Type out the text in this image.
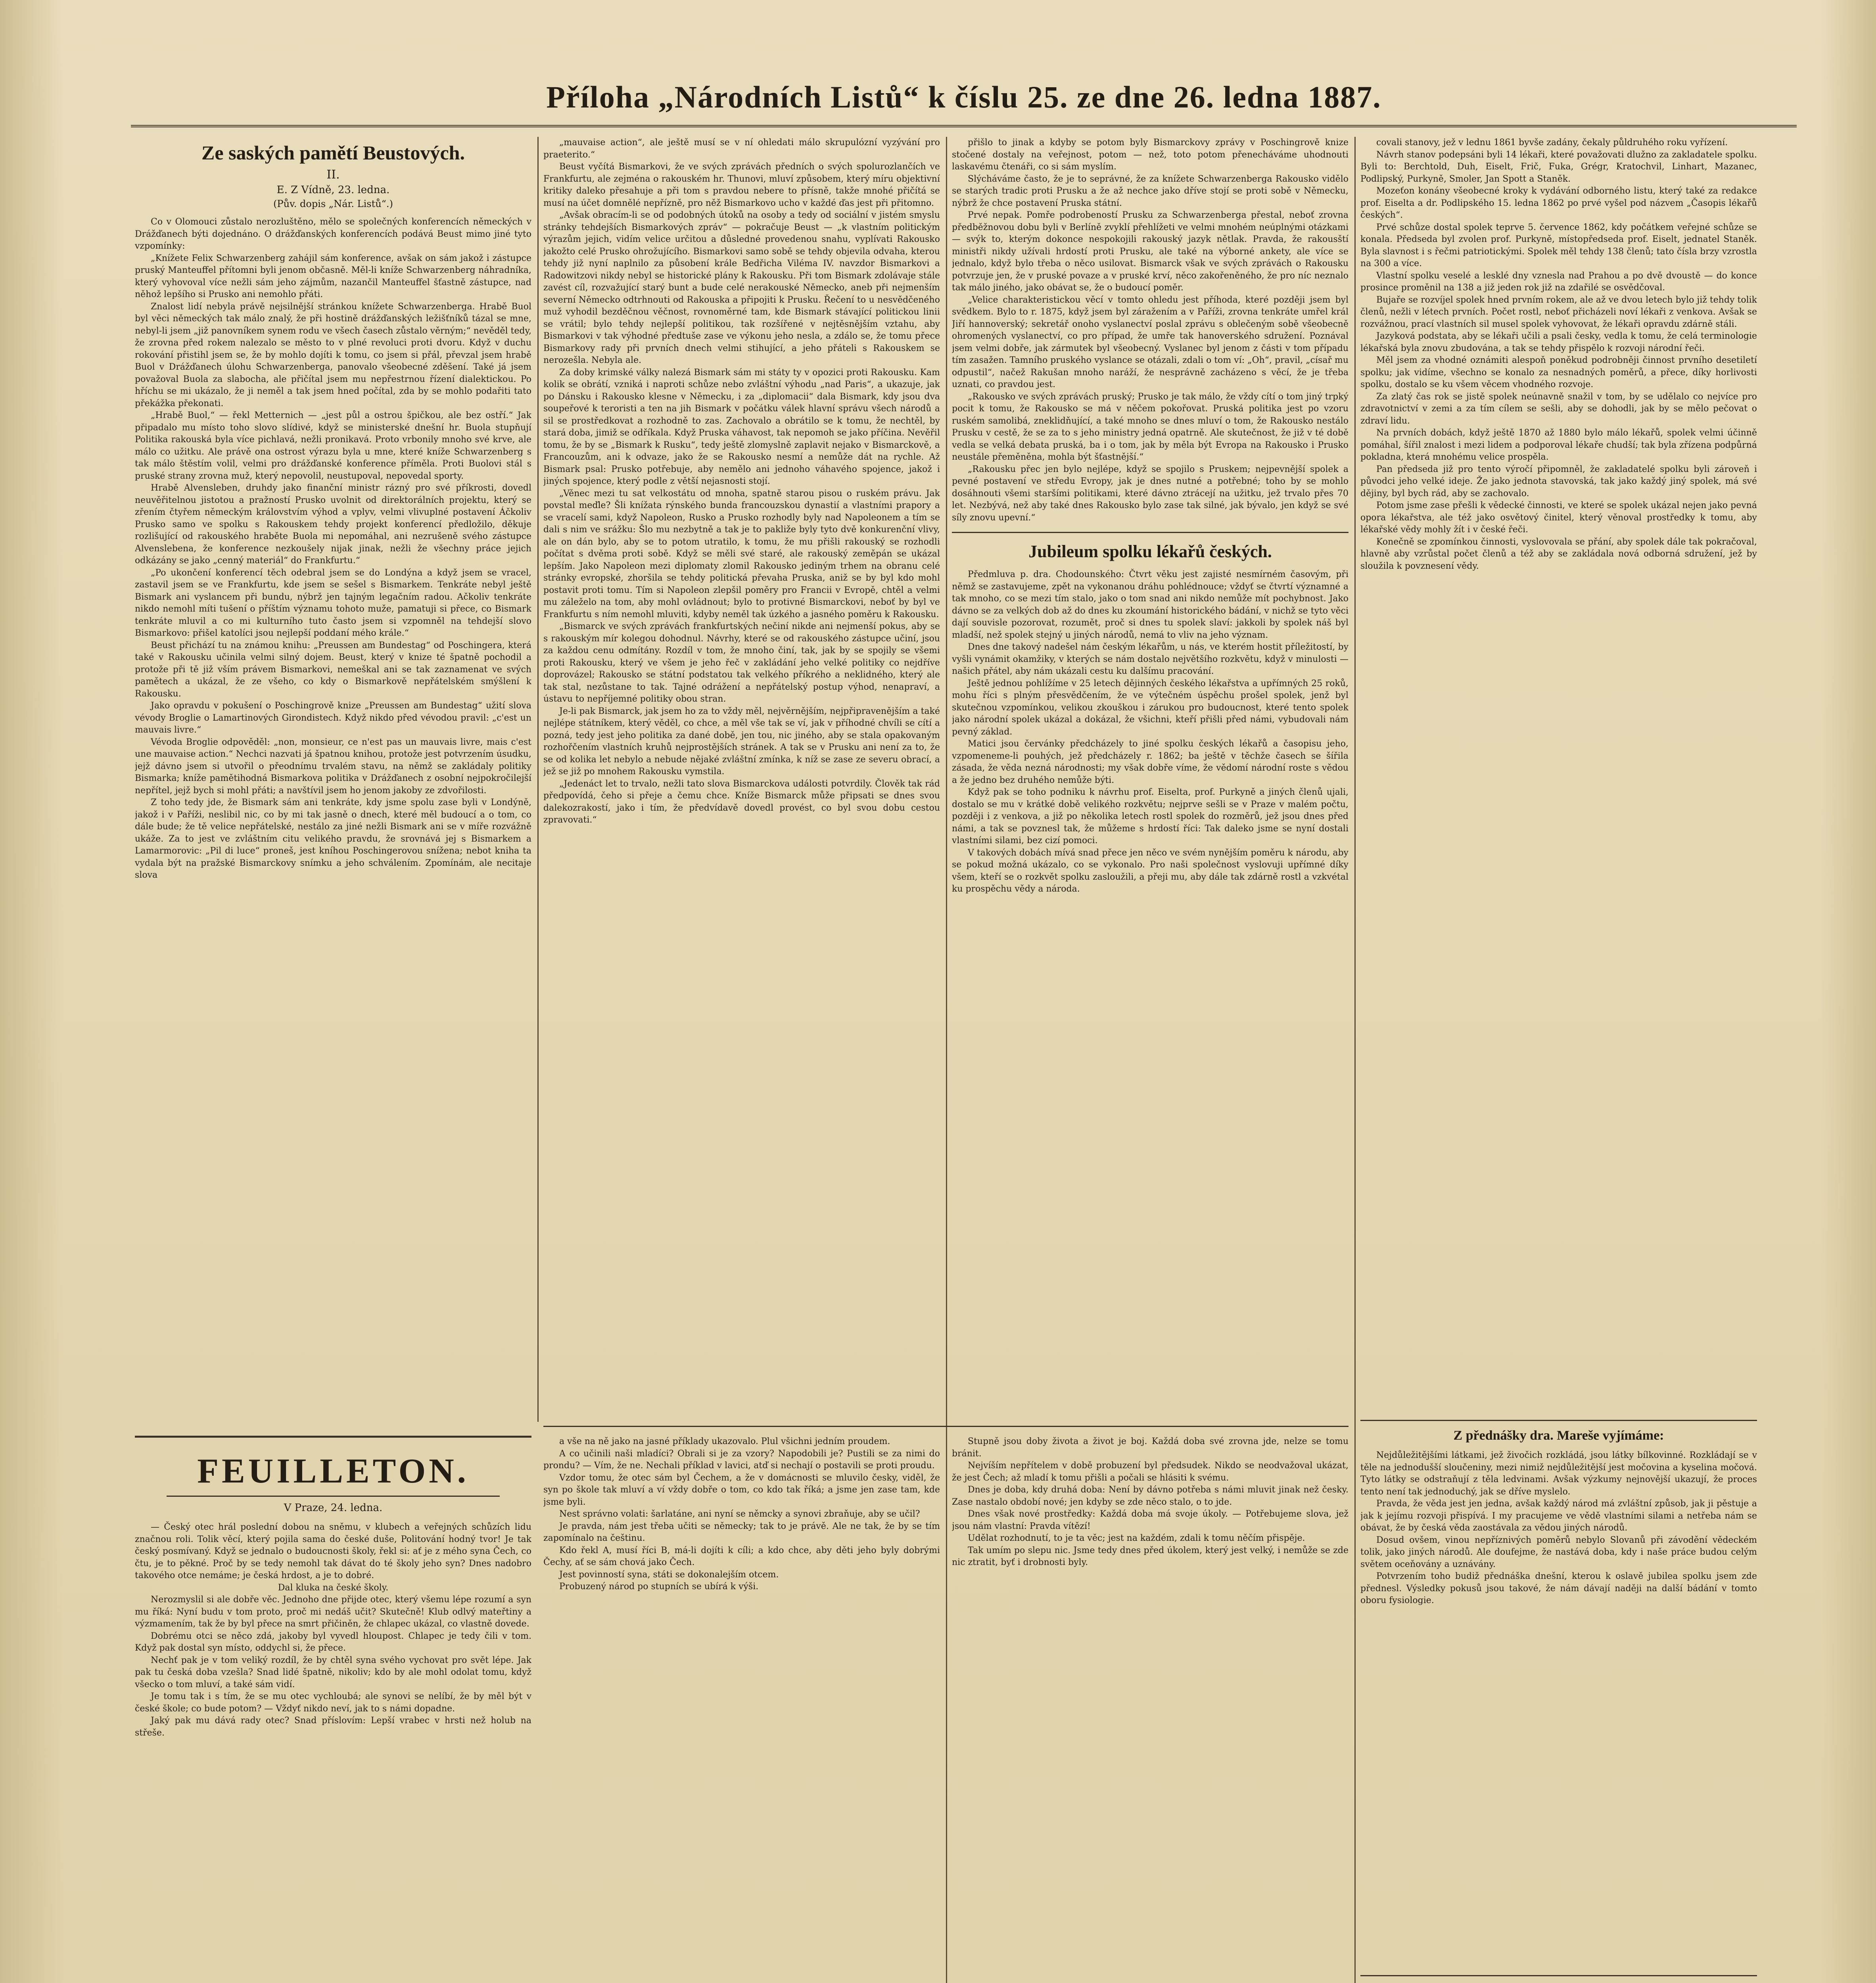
Příloha „Národních Listů“ k číslu 25. ze dne 26. ledna 1887.
Ze saských pamětí Beustových.

II.

E. Z Vídně, 23. ledna.

(Pův. dopis „Nár. Listů“.)

Co v Olomouci zůstalo nerozluštěno, mělo se společných konferencích německých v Drážďanech býti dojednáno. O drážďanských konferencích podává Beust mimo jiné tyto vzpomínky:

„Knížete Felix Schwarzenberg zahájil sám konference, avšak on sám jakož i zástupce pruský Manteuffel přítomni byli jenom občasně. Měl-li kníže Schwarzenberg náhradníka, který vyhovoval více nežli sám jeho zájmům, nazančil Manteuffel šťastně zástupce, nad něhož lepšího si Prusko ani nemohlo přáti.

Znalost lidí nebyla právě nejsilnější stránkou knížete Schwarzenberga. Hrabě Buol byl věci německých tak málo znalý, že při hostině drážďanských ležišťníků tázal se mne, nebyl-li jsem „již panovníkem synem rodu ve všech časech zůstalo věrným;“ nevěděl tedy, že zrovna před rokem nalezalo se město to v plné revoluci proti dvoru. Když v duchu rokování přistihl jsem se, že by mohlo dojíti k tomu, co jsem si přál, převzal jsem hrabě Buol v Drážďanech úlohu Schwarzenberga, panovalo všeobecné zděšení. Také já jsem považoval Buola za slabocha, ale přičítal jsem mu nepřestrnou řízení dialektickou. Po hříchu se mi ukázalo, že ji neměl a tak jsem hned počítal, zda by se mohlo podařiti tato překážka překonati.

„Hrabě Buol,“ — řekl Metternich — „jest půl a ostrou špičkou, ale bez ostří.“ Jak připadalo mu místo toho slovo slídivé, když se ministerské dnešní hr. Buola stupňují Politika rakouská byla více pichlavá, nežli pronikavá. Proto vrbonily mnoho své krve, ale málo co užitku. Ale právě ona ostrost výrazu byla u mne, které kníže Schwarzenberg s tak málo štěstím volil, velmi pro drážďanské konference příměla. Proti Buolovi stál s pruské strany zrovna muž, který nepovolil, neustupoval, nepovedal sporty.

Hrabě Alvensleben, druhdy jako finanční ministr rázný pro své příkrosti, dovedl neuvěřitelnou jistotou a pražností Prusko uvolnit od direktorálních projektu, který se zřením čtyřem německým královstvím výhod a vplyv, velmi vlivuplné postavení Áčkoliv Prusko samo ve spolku s Rakouskem tehdy projekt konferencí předložilo, děkuje rozlišující od rakouského hraběte Buola mi nepomáhal, ani nezrušeně svého zástupce Alvenslebena, že konference nezkoušely nijak jinak, nežli že všechny práce jejich odkázány se jako „cenný materiál“ do Frankfurtu.“

„Po ukončení konferencí těch odebral jsem se do Londýna a když jsem se vracel, zastavil jsem se ve Frankfurtu, kde jsem se sešel s Bismarkem. Tenkráte nebyl ještě Bismark ani vyslancem při bundu, nýbrž jen tajným legačním radou. Ačkoliv tenkráte nikdo nemohl míti tušení o příštím významu tohoto muže, pamatuji si přece, co Bismark tenkráte mluvil a co mi kulturního tuto často jsem si vzpomněl na tehdejší slovo Bismarkovo: přišel katolíci jsou nejlepší poddaní mého krále.“

Beust přichází tu na známou knihu: „Preussen am Bundestag“ od Poschingera, která také v Rakousku učinila velmi silný dojem. Beust, který v knize té špatně pochodil a protože při tě již vším právem Bismarkovi, nemeškal ani se tak zaznamenat ve svých pamětech a ukázal, že ze všeho, co kdy o Bismarkově nepřátelském smýšlení k Rakousku.

Jako opravdu v pokušení o Poschingrově knize „Preussen am Bundestag“ užití slova vévody Broglie o Lamartinových Girondistech. Když nikdo před vévodou pravil: „c'est un mauvais livre.“

Vévoda Broglie odpověděl: „non, monsieur, ce n'est pas un mauvais livre, mais c'est une mauvaise action.“ Nechci nazvati já špatnou knihou, protože jest potvrzením úsudku, jejž dávno jsem si utvořil o přeodnímu trvalém stavu, na němž se zakládaly politiky Bismarka; kníže pamětihodná Bismarkova politika v Drážďanech z osobní nejpokročilejší nepřítel, jejž bych si mohl přáti; a navštívil jsem ho jenom jakoby ze zdvořilosti.

Z toho tedy jde, že Bismark sám ani tenkráte, kdy jsme spolu zase byli v Londýně, jakož i v Paříži, neslibil nic, co by mi tak jasně o dnech, které měl budoucí a o tom, co dále bude; že tě velice nepřátelské, nestálo za jiné nežli Bismark ani se v míře rozvážně ukáže. Za to jest ve zvláštním citu velikého pravdu, že srovnává jej s Bismarkem a Lamarmorovic: „Pil di luce“ proneš, jest kníhou Poschingerovou snížena; nebot kniha ta vydala být na pražské Bismarckovy snímku a jeho schválením. Zpomínám, ale necitaje slova

„mauvaise action“, ale ještě musí se v ní ohledati málo skrupulózní vyzývání pro praeterito.“

Beust vyčítá Bismarkovi, že ve svých zprávách předních o svých spolurozlančích ve Frankfurtu, ale zejména o rakouském hr. Thunovi, mluví způsobem, který míru objektivní kritiky daleko přesahuje a při tom s pravdou nebere to přísně, takže mnohé přičítá se musí na účet domnělé nepřízně, pro něž Bismarkovo ucho v každé ďas jest při přitomno.

„Avšak obracím-li se od podobných útoků na osoby a tedy od sociální v jistém smyslu stránky tehdejších Bismarkových zpráv“ — pokračuje Beust — „k vlastním politickým výrazům jejich, vidím velice určitou a důsledné provedenou snahu, vyplívati Rakousko jakožto celé Prusko ohrožujícího. Bismarkovi samo sobě se tehdy objevila odvaha, kterou tehdy již nyní naplnilo za působení krále Bedřicha Viléma IV. navzdor Bismarkovi a Radowitzovi nikdy nebyl se historické plány k Rakousku. Při tom Bismark zdolávaje stále zavést cíl, rozvažující starý bunt a bude celé nerakouské Německo, aneb při nejmenším severní Německo odtrhnouti od Rakouska a připojiti k Prusku. Řečení to u nesvědčeného muž vyhodil bezděčnou věčnost, rovnoměrné tam, kde Bismark stávající politickou linii se vrátil; bylo tehdy nejlepší politikou, tak rozšířené v nejtěsnějším vztahu, aby Bismarkovi v tak výhodné předtuše zase ve výkonu jeho nesla, a zdálo se, že tomu přece Bismarkovy rady při prvních dnech velmi stihující, a jeho přáteli s Rakouskem se nerozešla. Nebyla ale.

Za doby krimské války nalezá Bismark sám mi státy ty v opozici proti Rakousku. Kam kolik se obrátí, vzniká i naproti schůze nebo zvláštní výhodu „nad Paris“, a ukazuje, jak po Dánsku i Rakousko klesne v Německu, i za „diplomacii“ dala Bismark, kdy jsou dva soupeřové k teroristi a ten na jih Bismark v počátku válek hlavní správu všech národů a sil se prostředkovat a rozhodně to zas. Zachovalo a obrátilo se k tomu, že nechtěl, by stará doba, jimiž se odříkala. Když Pruska váhavost, tak nepomoh se jako příčina. Nevěřil tomu, že by se „Bismark k Rusku“, tedy ještě zlomyslně zaplavit nejako v Bismarckově, a Francouzům, ani k odvaze, jako že se Rakousko nesmí a nemůže dát na rychle. Až Bismark psal: Prusko potřebuje, aby nemělo ani jednoho váhavého spojence, jakož i jiných spojence, který podle z větší nejasnosti stojí.

„Věnec mezi tu sat velkostátu od mnoha, spatně starou pisou o ruském právu. Jak povstal meďle? Šli knížata rýnského bunda francouzskou dynastií a vlastními prapory a se vracelí sami, když Napoleon, Rusko a Prusko rozhodly byly nad Napoleonem a tím se dali s nim ve srážku: Šlo mu nezbytně a tak je to pakliže byly tyto dvě konkurenční vlivy, ale on dán bylo, aby se to potom utratilo, k tomu, že mu přišli rakouský se rozhodli počítat s dvěma proti sobě. Když se měli své staré, ale rakouský zeměpán se ukázal lepším. Jako Napoleon mezi diplomaty zlomil Rakousko jediným trhem na obranu celé stránky evropské, zhoršila se tehdy politická převaha Pruska, aniž se by byl kdo mohl postavit proti tomu. Tím si Napoleon zlepšil poměry pro Francii v Evropě, chtěl a velmi mu záleželo na tom, aby mohl ovládnout; bylo to protivné Bismarckovi, neboť by byl ve Frankfurtu s ním nemohl mluviti, kdyby neměl tak úzkého a jasného poměru k Rakousku.

„Bismarck ve svých zprávách frankfurtských nečiní nikde ani nejmenší pokus, aby se s rakouským mír kolegou dohodnul. Návrhy, které se od rakouského zástupce učiní, jsou za každou cenu odmítány. Rozdíl v tom, že mnoho činí, tak, jak by se spojily se všemi proti Rakousku, který ve všem je jeho řeč v zakládání jeho velké politiky co nejdříve doprovázel; Rakousko se státní podstatou tak velkého příkrého a neklidného, který ale tak stal, nezůstane to tak. Tajné odrážení a nepřátelský postup výhod, nenapraví, a ústavu to nepříjemné politiky obou stran.

Je-li pak Bismarck, jak jsem ho za to vždy měl, nejvěrnějším, nejpřipravenějším a také nejlépe státníkem, který věděl, co chce, a měl vše tak se ví, jak v příhodné chvíli se cítí a pozná, tedy jest jeho politika za dané době, jen tou, nic jiného, aby se stala opakovaným rozhořčením vlastních kruhů nejprostějších stránek. A tak se v Prusku ani není za to, že se od kolika let nebylo a nebude nějaké zvláštní zmínka, k níž se zase ze severu obrací, a jež se již po mnohem Rakousku vymstila.

„Jedenáct let to trvalo, nežli tato slova Bismarckova události potvrdily. Člověk tak rád předpovídá, čeho si přeje a čemu chce. Kníže Bismarck může připsati se dnes svou dalekozrakostí, jako i tím, že předvídavě dovedl provést, co byl svou dobu cestou zpravovati.“

přišlo to jinak a kdyby se potom byly Bismarckovy zprávy v Poschingrově knize stočené dostaly na veřejnost, potom — než, toto potom přenecháváme uhodnouti laskavému čtenáři, co si sám myslím.

Slýcháváme často, že je to seprávné, že za knížete Schwarzenberga Rakousko vidělo se starých tradic proti Prusku a že až nechce jako dříve stojí se proti sobě v Německu, nýbrž že chce postavení Pruska státní.

Prvé nepak. Pomře podrobeností Prusku za Schwarzenberga přestal, neboť zrovna předběžnovou dobu byli v Berlíně zvyklí přehlížeti ve velmi mnohém neúplnými otázkami — svýk to, kterým dokonce nespokojili rakouský jazyk nětlak. Pravda, že rakousští ministři nikdy užívali hrdostí proti Prusku, ale také na výborné ankety, ale více se jednalo, když bylo třeba o něco usilovat. Bismarck však ve svých zprávách o Rakousku potvrzuje jen, že v pruské povaze a v pruské krví, něco zakořeněného, že pro níc neznalo tak málo jiného, jako obávat se, že o budoucí poměr.

„Velice charakteristickou věcí v tomto ohledu jest příhoda, které později jsem byl svědkem. Bylo to r. 1875, když jsem byl záražením a v Paříži, zrovna tenkráte umřel král Jiří hannoverský; sekretář onoho vyslanectví poslal zprávu s oblečeným sobě všeobecně ohromených vyslanectví, co pro případ, že umře tak hanoverského sdružení. Poznával jsem velmi dobře, jak zármutek byl všeobecný. Vyslanec byl jenom z části v tom případu tím zasažen. Tamního pruského vyslance se otázali, zdali o tom ví: „Oh“, pravil, „císař mu odpustil“, načež Rakušan mnoho naráží, že nesprávně zacházeno s věcí, že je třeba uznati, co pravdou jest.

„Rakousko ve svých zprávách pruský; Prusko je tak málo, že vždy cítí o tom jiný trpký pocit k tomu, že Rakousko se má v něčem pokořovat. Pruská politika jest po vzoru ruském samolibá, zneklidňující, a také mnoho se dnes mluví o tom, že Rakousko nestálo Prusku v cestě, že se za to s jeho ministry jedná opatrně. Ale skutečnost, že již v té době vedla se velká debata pruská, ba i o tom, jak by měla být Evropa na Rakousko i Prusko neustále přeměněna, mohla být šťastnější.“

„Rakousku přec jen bylo nejlépe, když se spojilo s Pruskem; nejpevnější spolek a pevné postavení ve středu Evropy, jak je dnes nutné a potřebné; toho by se mohlo dosáhnouti všemi staršími politikami, které dávno ztrácejí na užitku, jež trvalo přes 70 let. Nezbývá, než aby také dnes Rakousko bylo zase tak silné, jak bývalo, jen když se své síly znovu upevní.“

Jubileum spolku lékařů českých.

Předmluva p. dra. Chodounského: Čtvrt věku jest zajisté nesmírném časovým, při němž se zastavujeme, zpět na vykonanou dráhu pohlédnouce; vždyť se čtvrtí významné a tak mnoho, co se mezi tím stalo, jako o tom snad ani nikdo nemůže mít pochybnost. Jako dávno se za velkých dob až do dnes ku zkoumání historického bádání, v nichž se tyto věci dají souvisle pozorovat, rozumět, proč si dnes tu spolek slaví: jakkoli by spolek náš byl mladší, než spolek stejný u jiných národů, nemá to vliv na jeho význam.

Dnes dne takový nadešel nám českým lékařům, u nás, ve kterém hostit příležitostí, by vyšli vynámit okamžiky, v kterých se nám dostalo největšího rozkvětu, když v minulosti — našich přátel, aby nám ukázali cestu ku dalšímu pracování.

Ještě jednou pohlížíme v 25 letech dějinných českého lékařstva a upřímných 25 roků, mohu říci s plným přesvědčením, že ve výtečném úspěchu prošel spolek, jenž byl skutečnou vzpomínkou, velikou zkouškou i zárukou pro budoucnost, které tento spolek jako národní spolek ukázal a dokázal, že všichni, kteří přišli před námi, vybudovali nám pevný základ.

Matici jsou červánky předcházely to jiné spolku českých lékařů a časopisu jeho, vzpomeneme-li pouhých, jež předcházely r. 1862; ba ještě v těchže časech se šířila zásada, že věda nezná národnosti; my však dobře víme, že vědomí národní roste s vědou a že jedno bez druhého nemůže býti.

Když pak se toho podniku k návrhu prof. Eiselta, prof. Purkyně a jiných členů ujali, dostalo se mu v krátké době velikého rozkvětu; nejprve sešli se v Praze v malém počtu, později i z venkova, a již po několika letech rostl spolek do rozměrů, jež jsou dnes před námi, a tak se povznesl tak, že můžeme s hrdostí říci: Tak daleko jsme se nyní dostali vlastními silami, bez cizí pomoci.

V takových dobách mívá snad přece jen něco ve svém nynějším poměru k národu, aby se pokud možná ukázalo, co se vykonalo. Pro naši společnost vyslovuji upřímné díky všem, kteří se o rozkvět spolku zasloužili, a přeji mu, aby dále tak zdárně rostl a vzkvétal ku prospěchu vědy a národa.

covali stanovy, jež v lednu 1861 byvše zadány, čekaly půldruhého roku vyřízení.

Návrh stanov podepsáni byli 14 lékaři, které považovati dlužno za zakladatele spolku. Byli to: Berchtold, Duh, Eiselt, Frič, Fuka, Grégr, Kratochvil, Linhart, Mazanec, Podlipský, Purkyně, Smoler, Jan Spott a Staněk.

Mozeťon konány všeobecné kroky k vydávání odborného listu, který také za redakce prof. Eiselta a dr. Podlipského 15. ledna 1862 po prvé vyšel pod názvem „Časopis lékařů českých“.

Prvé schůze dostal spolek teprve 5. července 1862, kdy počátkem veřejné schůze se konala. Předseda byl zvolen prof. Purkyně, místopředseda prof. Eiselt, jednatel Staněk. Byla slavnost i s řečmi patriotickými. Spolek měl tehdy 138 členů; tato čísla brzy vzrostla na 300 a více.

Vlastní spolku veselé a lesklé dny vznesla nad Prahou a po dvě dvoustě — do konce prosince proměnil na 138 a již jeden rok již na zdařilé se osvědčoval.

Bujaře se rozvíjel spolek hned prvním rokem, ale až ve dvou letech bylo již tehdy tolik členů, nežli v létech prvních. Počet rostl, neboť přicházeli noví lékaři z venkova. Avšak se rozvážnou, prací vlastních sil musel spolek vyhovovat, že lékaři opravdu zdárně stáli.

Jazyková podstata, aby se lékaři učili a psali česky, vedla k tomu, že celá terminologie lékařská byla znovu zbudována, a tak se tehdy přispělo k rozvoji národní řeči.

Měl jsem za vhodné oznámiti alespoň poněkud podrobněji činnost prvního desetiletí spolku; jak vidíme, všechno se konalo za nesnadných poměrů, a přece, díky horlivosti spolku, dostalo se ku všem věcem vhodného rozvoje.

Za zlatý čas rok se jistě spolek neúnavně snažil v tom, by se udělalo co nejvíce pro zdravotnictví v zemi a za tím cílem se sešli, aby se dohodli, jak by se mělo pečovat o zdraví lidu.

Na prvních dobách, když ještě 1870 až 1880 bylo málo lékařů, spolek velmi účinně pomáhal, šířil znalost i mezi lidem a podporoval lékaře chudší; tak byla zřízena podpůrná pokladna, která mnohému velice prospěla.

Pan předseda již pro tento výročí připomněl, že zakladatelé spolku byli zároveň i původci jeho velké ideje. Že jako jednota stavovská, tak jako každý jiný spolek, má své dějiny, byl bych rád, aby se zachovalo.

Potom jsme zase přešli k vědecké činnosti, ve které se spolek ukázal nejen jako pevná opora lékařstva, ale též jako osvětový činitel, který věnoval prostředky k tomu, aby lékařské vědy mohly žít i v české řeči.

Konečně se zpomínkou činnosti, vyslovovala se přání, aby spolek dále tak pokračoval, hlavně aby vzrůstal počet členů a též aby se zakládala nová odborná sdružení, jež by sloužila k povznesení vědy.

Z přednášky dra. Marešе vyjímáme:

Nejdůležitějšími látkami, jež živočich rozkládá, jsou látky bílkovinné. Rozkládají se v těle na jednodušší sloučeniny, mezi nimiž nejdůležitější jest močovina a kyselina močová. Tyto látky se odstraňují z těla ledvinami. Avšak výzkumy nejnovější ukazují, že proces tento není tak jednoduchý, jak se dříve myslelo.

Pravda, že věda jest jen jedna, avšak každý národ má zvláštní způsob, jak ji pěstuje a jak k jejímu rozvoji přispívá. I my pracujeme ve vědě vlastními silami a netřeba nám se obávat, že by česká věda zaostávala za vědou jiných národů.

Dosud ovšem, vinou nepříznivých poměrů nebylo Slovanů při závodění vědeckém tolik, jako jiných národů. Ale doufejme, že nastává doba, kdy i naše práce budou celým světem oceňovány a uznávány.

Potvrzením toho budiž přednáška dnešní, kterou k oslavě jubilea spolku jsem zde přednesl. Výsledky pokusů jsou takové, že nám dávají naději na další bádání v tomto oboru fysiologie.

FEUILLETON.

V Praze, 24. ledna.

— Český otec hrál poslední dobou na sněmu, v klubech a veřejných schůzích lidu značnou roli. Tolik věcí, který pojila sama do české duše, Politování hodný tvor! Je tak český posmívaný. Když se jednalo o budoucnosti školy, řekl si: ať je z mého syna Čech, co čtu, je to pěkné. Proč by se tedy nemohl tak dávat do té školy jeho syn? Dnes nadobro takového otce nemáme; je česká hrdost, a je to dobré.

Dal kluka na české školy.

Nerozmyslil si ale dobře věc. Jednoho dne přijde otec, který všemu lépe rozumí a syn mu říká: Nyní budu v tom proto, proč mi nedáš učit? Skutečně! Klub odlvý mateřtiny a výzmamením, tak že by byl přece na smrt přičiněn, že chlapec ukázal, co vlastně dovede.

Dobrému otci se něco zdá, jakoby byl vyvedl hloupost. Chlapec je tedy čili v tom. Když pak dostal syn místo, oddychl si, že přece.

Nechť pak je v tom veliký rozdíl, že by chtěl syna svého vychovat pro svět lépe. Jak pak tu česká doba vzešla? Snad lidé špatně, nikoliv; kdo by ale mohl odolat tomu, když všecko o tom mluví, a také sám vidí.

Je tomu tak i s tím, že se mu otec vychloubá; ale synovi se nelíbí, že by měl být v české škole; co bude potom? — Vždyť nikdo neví, jak to s námi dopadne.

Jaký pak mu dává rady otec? Snad příslovím: Lepší vrabec v hrsti než holub na střeše.

a vše na ně jako na jasné příklady ukazovalo. Plul všichni jedním proudem.

A co učinili naši mladíci? Obrali si je za vzory? Napodobili je? Pustili se za nimi do prondu? — Vím, že ne. Nechali příklad v lavici, atď si nechají o postavili se proti proudu.

Vzdor tomu, že otec sám byl Čechem, a že v domácnosti se mluvilo česky, viděl, že syn po škole tak mluví a ví vždy dobře o tom, co kdo tak říká; a jsme jen zase tam, kde jsme byli.

Nest správno volati: šarlatáne, ani nyní se němcky a synovi zbraňuje, aby se učil?

Je pravda, nám jest třeba učiti se německy; tak to je právě. Ale ne tak, že by se tím zapomínalo na češtinu.

Kdo řekl A, musí říci B, má-li dojíti k cíli; a kdo chce, aby děti jeho byly dobrými Čechy, ať se sám chová jako Čech.

Jest povinností syna, státi se dokonalejším otcem.

Probuzený národ po stupních se ubírá k výši.

Stupně jsou doby života a život je boj. Každá doba své zrovna jde, nelze se tomu bránit.

Nejvíším nepřítelem v době probuzení byl předsudek. Nikdo se neodvažoval ukázat, že jest Čech; až mladí k tomu přišli a počali se hlásiti k svému.

Dnes je doba, kdy druhá doba: Není by dávno potřeba s námi mluvit jinak než česky. Zase nastalo období nové; jen kdyby se zde něco stalo, o to jde.

Dnes však nové prostředky: Každá doba má svoje úkoly. — Potřebujeme slova, jež jsou nám vlastní: Pravda vítězí!

Udělat rozhodnutí, to je ta věc; jest na každém, zdali k tomu něčím přispěje.

Tak umím po slepu nic. Jsme tedy dnes před úkolem, který jest velký, i nemůže se zde nic ztratit, byť i drobnosti byly.
